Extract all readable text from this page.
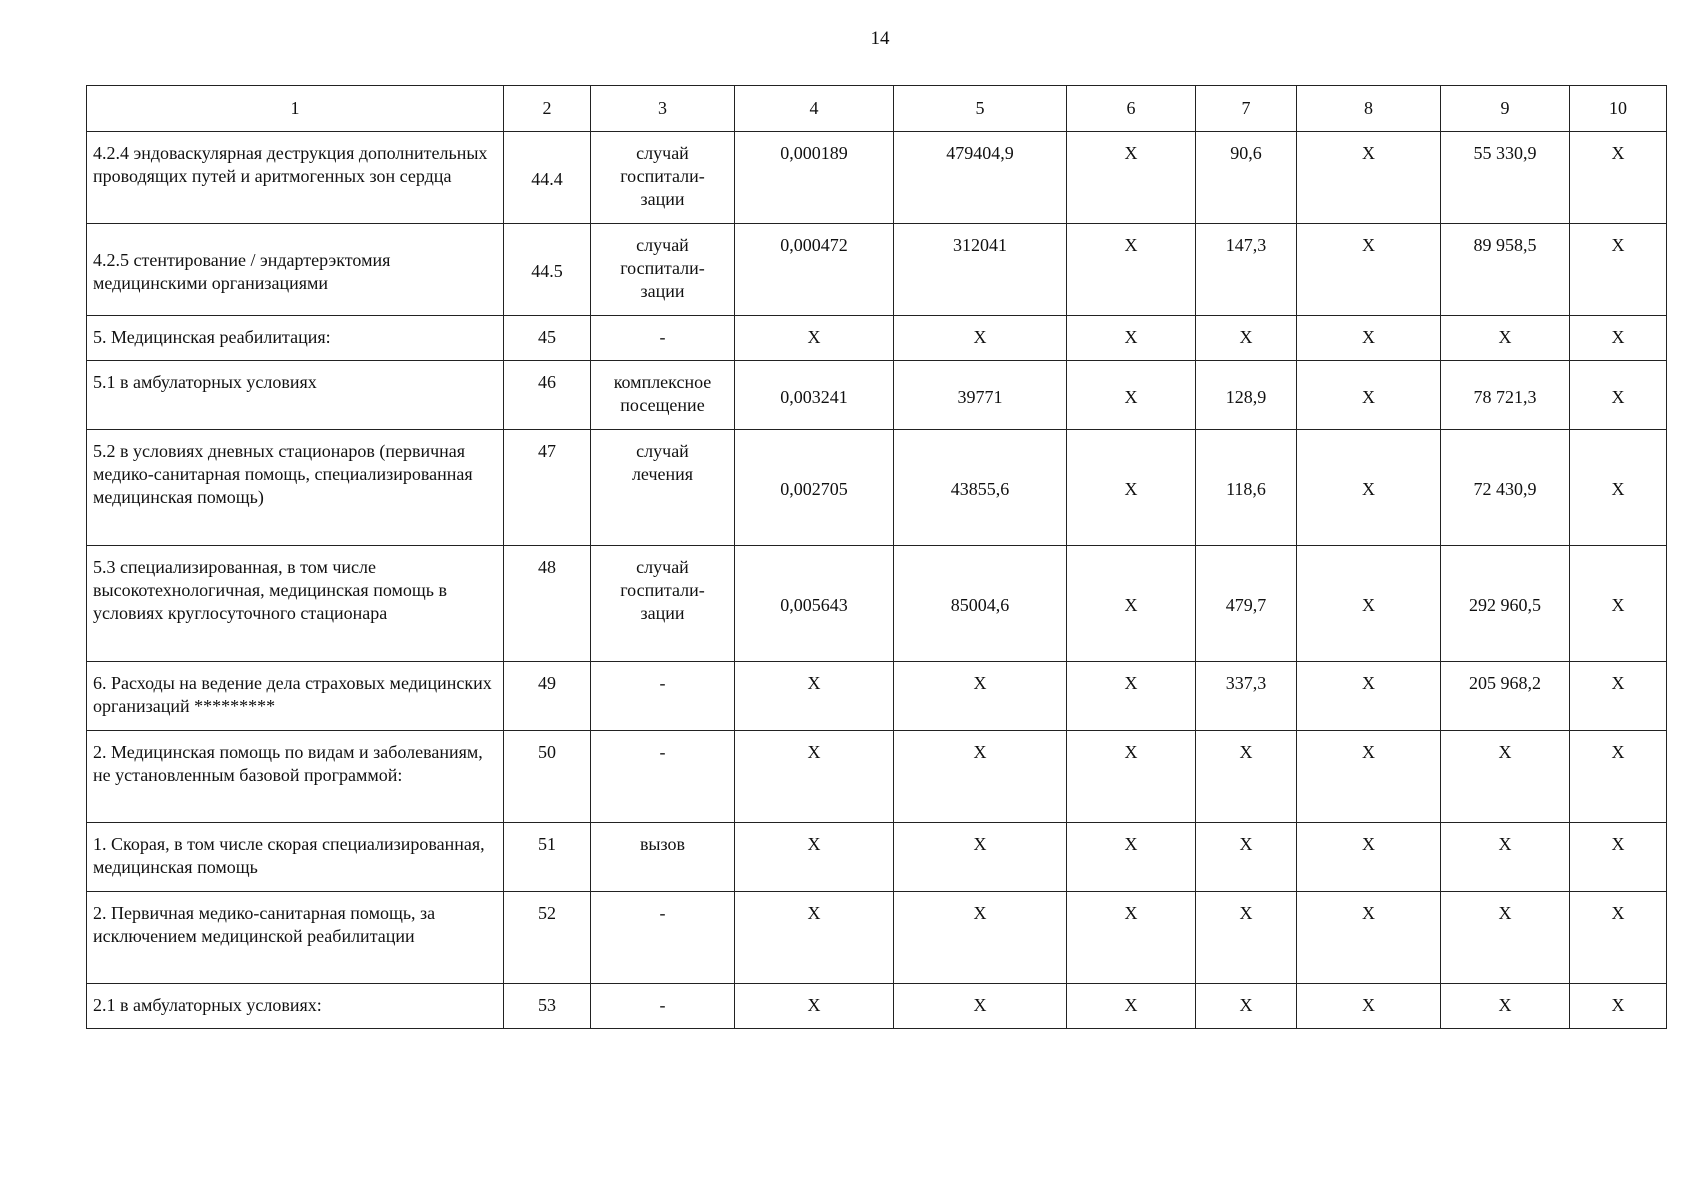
14
1	2	3	4	5	6	7	8	9	10
4.2.4 эндоваскулярная деструкция дополнительных проводящих путей и аритмогенных зон сердца	44.4	случай
госпитали-
зации	0,000189	479404,9	Х	90,6	Х	55 330,9	Х
4.2.5 стентирование / эндартерэктомия медицинскими организациями	44.5	случай
госпитали-
зации	0,000472	312041	Х	147,3	Х	89 958,5	Х
5. Медицинская реабилитация:	45	-	Х	Х	Х	Х	Х	Х	Х
5.1 в амбулаторных условиях	46	комплексное
посещение	0,003241	39771	Х	128,9	Х	78 721,3	Х
5.2 в условиях дневных стационаров (первичная медико-санитарная помощь, специализированная медицинская помощь)	47	случай
лечения	0,002705	43855,6	Х	118,6	Х	72 430,9	Х
5.3 специализированная, в том числе высокотехнологичная, медицинская помощь в условиях круглосуточного стационара	48	случай
госпитали-
зации	0,005643	85004,6	Х	479,7	Х	292 960,5	Х
6. Расходы на ведение дела страховых медицинских организаций *********	49	-	Х	Х	Х	337,3	Х	205 968,2	Х
2. Медицинская помощь по видам и заболеваниям, не установленным базовой программой:	50	-	Х	Х	Х	Х	Х	Х	Х
1. Скорая, в том числе скорая специализированная, медицинская помощь	51	вызов	Х	Х	Х	Х	Х	Х	Х
2. Первичная медико-санитарная помощь, за исключением медицинской реабилитации	52	-	Х	Х	Х	Х	Х	Х	Х
2.1 в амбулаторных условиях:	53	-	Х	Х	Х	Х	Х	Х	Х
